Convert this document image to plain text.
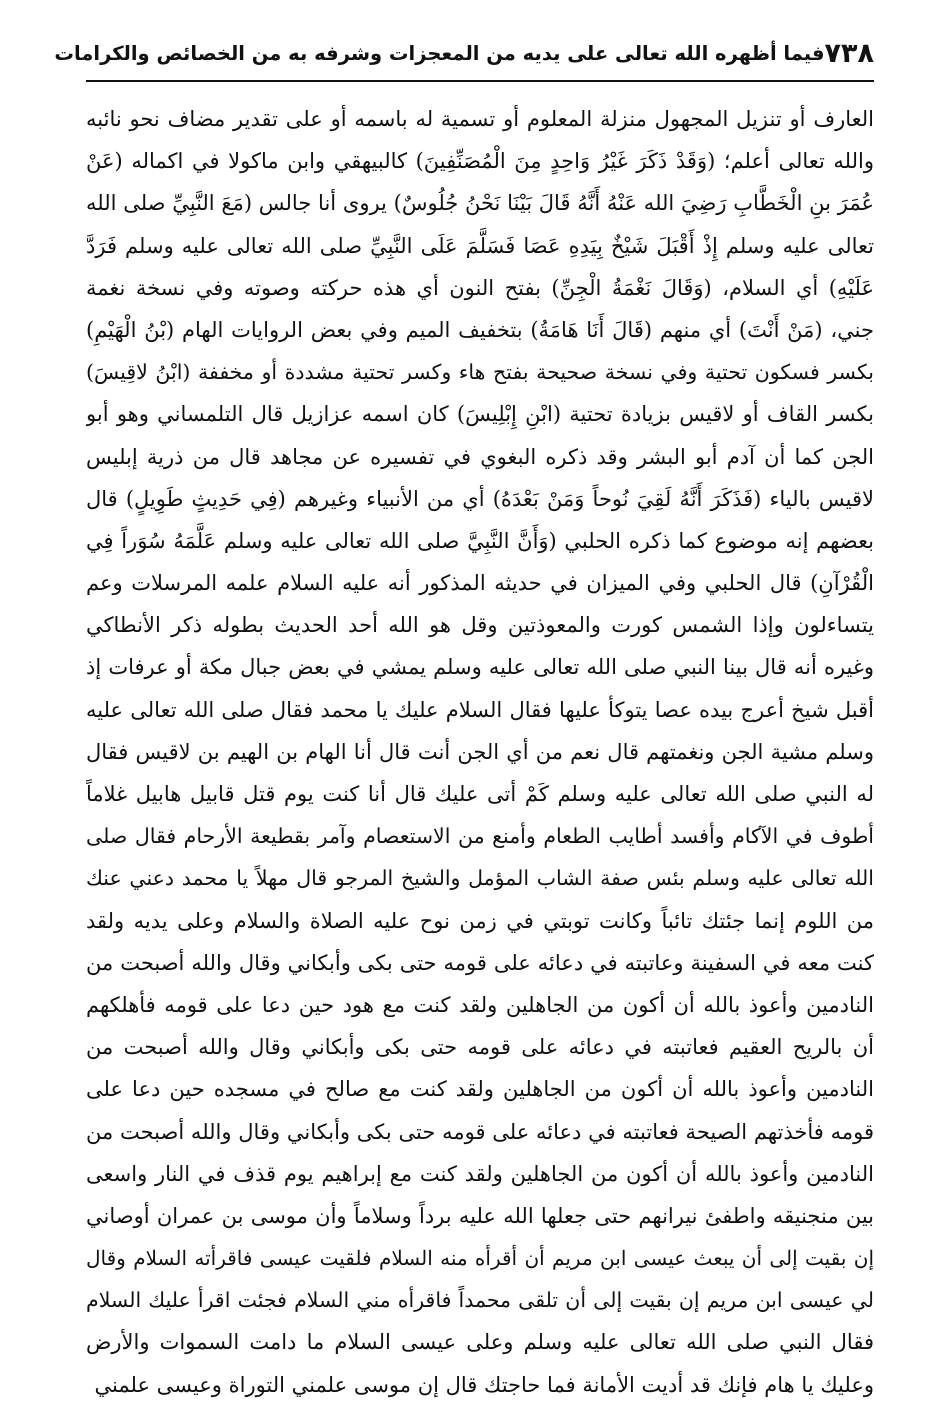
٧٣٨
فيما أظهره الله تعالى على يديه من المعجزات وشرفه به من الخصائص والكرامات
العارف أو تنزيل المجهول منزلة المعلوم أو تسمية له باسمه أو على تقدير مضاف نحو نائبه
والله تعالى أعلم؛ (وَقَدْ ذَكَرَ غَيْرُ وَاحِدٍ مِنَ الْمُصَنِّفِينَ) كالبيهقي وابن ماكولا في اكماله (عَنْ
عُمَرَ بنِ الْخَطَّابِ رَضِيَ الله عَنْهُ أَنَّهُ قَالَ بَيْنَا نَحْنُ جُلُوسٌ) يروى أنا جالس (مَعَ النَّبِيِّ صلى الله
تعالى عليه وسلم إِذْ أَقْبَلَ شَيْخٌ بِيَدِهِ عَصَا فَسَلَّمَ عَلَى النَّبِيِّ صلى الله تعالى عليه وسلم فَرَدَّ
عَلَيْهِ) أي السلام، (وَقَالَ نَغْمَةُ الْجِنِّ) بفتح النون أي هذه حركته وصوته وفي نسخة نغمة
جني، (مَنْ أَنْتَ) أي منهم (قَالَ أَنَا هَامَةُ) بتخفيف الميم وفي بعض الروايات الهام (بْنُ الْهَيْمِ)
بكسر فسكون تحتية وفي نسخة صحيحة بفتح هاء وكسر تحتية مشددة أو مخففة (ابْنُ لاقِيسَ)
بكسر القاف أو لاقيس بزيادة تحتية (ابْنِ إِبْلِيسَ) كان اسمه عزازيل قال التلمساني وهو أبو
الجن كما أن آدم أبو البشر وقد ذكره البغوي في تفسيره عن مجاهد قال من ذرية إبليس
لاقيس بالياء (فَذَكَرَ أَنَّهُ لَقِيَ نُوحاً وَمَنْ بَعْدَهُ) أي من الأنبياء وغيرهم (فِي حَدِيثٍ طَوِيلٍ) قال
بعضهم إنه موضوع كما ذكره الحلبي (وَأَنَّ النَّبِيَّ صلى الله تعالى عليه وسلم عَلَّمَهُ سُوَراً فِي
الْقُرْآنِ) قال الحلبي وفي الميزان في حديثه المذكور أنه عليه السلام علمه المرسلات وعم
يتساءلون وإذا الشمس كورت والمعوذتين وقل هو الله أحد الحديث بطوله ذكر الأنطاكي
وغيره أنه قال بينا النبي صلى الله تعالى عليه وسلم يمشي في بعض جبال مكة أو عرفات إذ
أقبل شيخ أعرج بيده عصا يتوكأ عليها فقال السلام عليك يا محمد فقال صلى الله تعالى عليه
وسلم مشية الجن ونغمتهم قال نعم من أي الجن أنت قال أنا الهام بن الهيم بن لاقيس فقال
له النبي صلى الله تعالى عليه وسلم كَمْ أتى عليك قال أنا كنت يوم قتل قابيل هابيل غلاماً
أطوف في الآكام وأفسد أطايب الطعام وأمنع من الاستعصام وآمر بقطيعة الأرحام فقال صلى
الله تعالى عليه وسلم بئس صفة الشاب المؤمل والشيخ المرجو قال مهلاً يا محمد دعني عنك
من اللوم إنما جئتك تائباً وكانت توبتي في زمن نوح عليه الصلاة والسلام وعلى يديه ولقد
كنت معه في السفينة وعاتبته في دعائه على قومه حتى بكى وأبكاني وقال والله أصبحت من
النادمين وأعوذ بالله أن أكون من الجاهلين ولقد كنت مع هود حين دعا على قومه فأهلكهم
أن بالريح العقيم فعاتبته في دعائه على قومه حتى بكى وأبكاني وقال والله أصبحت من
النادمين وأعوذ بالله أن أكون من الجاهلين ولقد كنت مع صالح في مسجده حين دعا على
قومه فأخذتهم الصيحة فعاتبته في دعائه على قومه حتى بكى وأبكاني وقال والله أصبحت من
النادمين وأعوذ بالله أن أكون من الجاهلين ولقد كنت مع إبراهيم يوم قذف في النار واسعى
بين منجنيقه واطفئ نيرانهم حتى جعلها الله عليه برداً وسلاماً وأن موسى بن عمران أوصاني
إن بقيت إلى أن يبعث عيسى ابن مريم أن أقرأه منه السلام فلقيت عيسى فاقرأته السلام وقال
لي عيسى ابن مريم إن بقيت إلى أن تلقى محمداً فاقرأه مني السلام فجئت اقرأ عليك السلام
فقال النبي صلى الله تعالى عليه وسلم وعلى عيسى السلام ما دامت السموات والأرض
وعليك يا هام فإنك قد أديت الأمانة فما حاجتك قال إن موسى علمني التوراة وعيسى علمني
